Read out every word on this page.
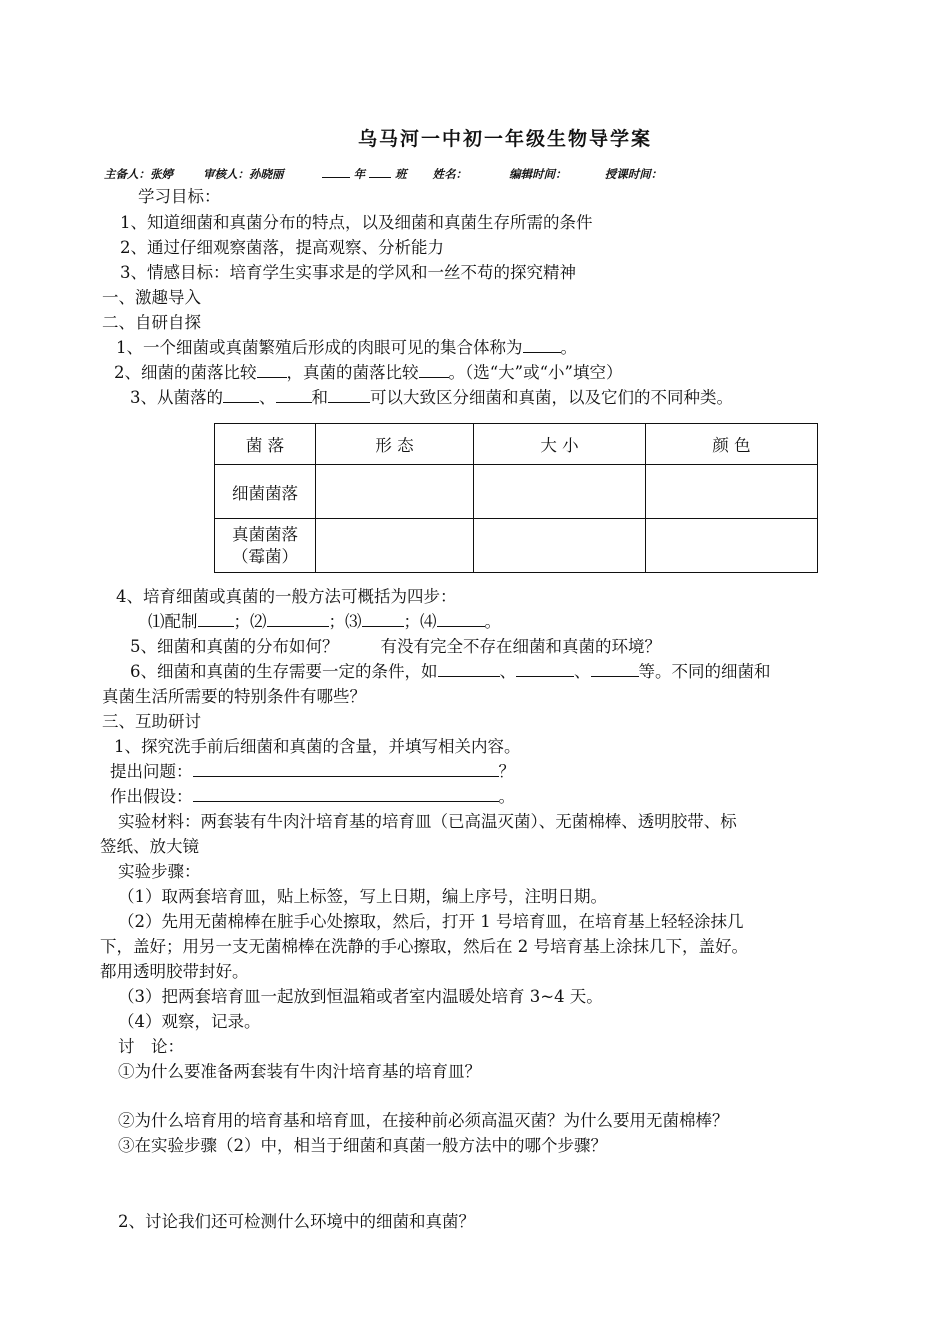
乌马河一中初一年级生物导学案
主备人：张婷	审核人：孙晓丽	年	班 姓名：	编辑时间：	授课时间：
学习目标：
1、知道细菌和真菌分布的特点，以及细菌和真菌生存所需的条件
2、通过仔细观察菌落，提高观察、分析能力
3、情感目标：培育学生实事求是的学风和一丝不苟的探究精神
一、激趣导入
二、自研自探
1、一个细菌或真菌繁殖后形成的肉眼可见的集合体称为 。
2、细菌的菌落比较 ，真菌的菌落比较 。（选“大”或“小”填空）
3、从菌落的 、 和	可以大致区分细菌和真菌，以及它们的不同种类。
菌 落	形 态	大 小	颜 色
细菌菌落			

真菌菌落
（霉菌）			

4、培育细菌或真菌的一般方法可概括为四步：
⑴配制 ；⑵	；⑶	；⑷	。
5、细菌和真菌的分布如何？	有没有完全不存在细菌和真菌的环境？
6、细菌和真菌的生存需要一定的条件，如	、	、	等。不同的细菌和
真菌生活所需要的特别条件有哪些？
三、互助研讨
1、探究洗手前后细菌和真菌的含量，并填写相关内容。
提出问题：	？
作出假设：	。
实验材料：两套装有牛肉汁培育基的培育皿（已高温灭菌）、无菌棉棒、透明胶带、标
签纸、放大镜
实验步骤：
（1）取两套培育皿，贴上标签，写上日期，编上序号，注明日期。
（2）先用无菌棉棒在脏手心处擦取，然后，打开 1 号培育皿，在培育基上轻轻涂抹几
下，盖好；用另一支无菌棉棒在洗静的手心擦取，然后在 2 号培育基上涂抹几下，盖好。
都用透明胶带封好。
（3）把两套培育皿一起放到恒温箱或者室内温暖处培育 3~4 天。
（4）观察，记录。
讨　论：
①为什么要准备两套装有牛肉汁培育基的培育皿？
②为什么培育用的培育基和培育皿，在接种前必须高温灭菌？为什么要用无菌棉棒？
③在实验步骤（2）中，相当于细菌和真菌一般方法中的哪个步骤？
2、讨论我们还可检测什么环境中的细菌和真菌？
